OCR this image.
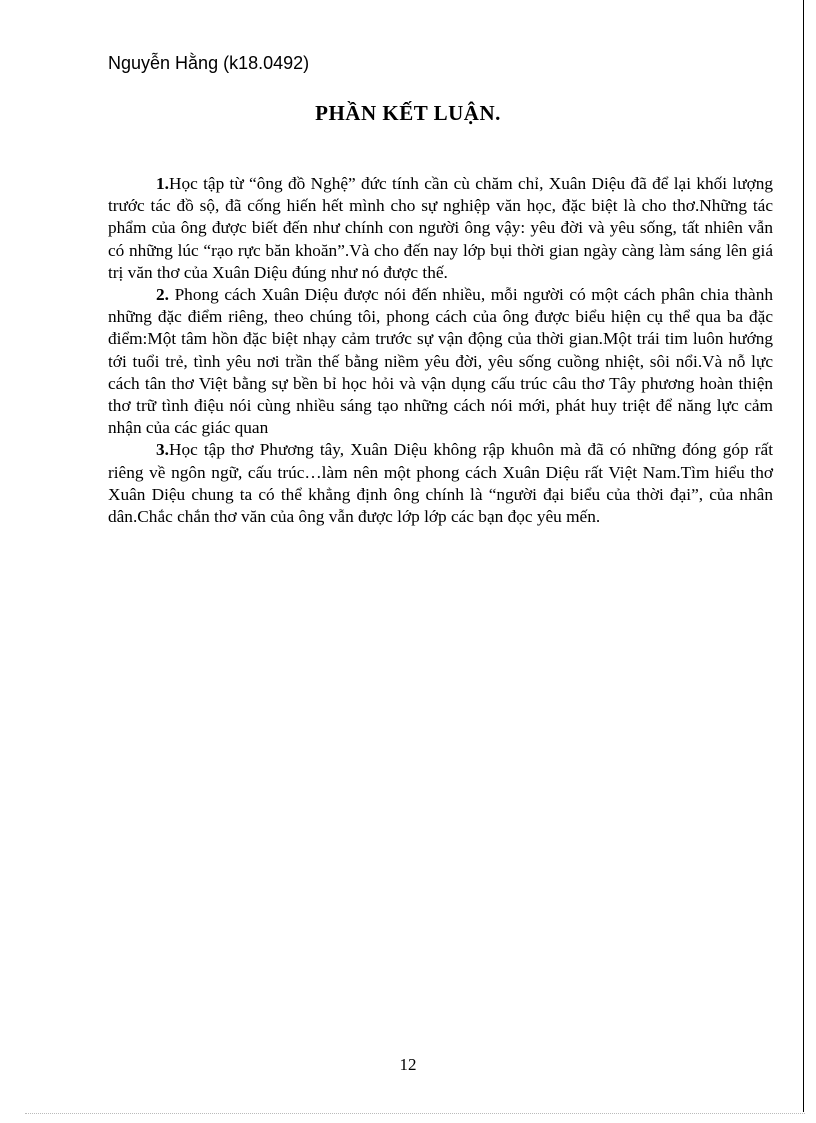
Nguyễn Hằng (k18.0492)
PHẦN KẾT LUẬN.

1.Học tập từ “ông đồ Nghệ” đức tính cần cù chăm chỉ, Xuân Diệu đã để lại khối lượng trước tác đồ sộ, đã cống hiến hết mình cho sự nghiệp văn học, đặc biệt là cho thơ.Những tác phẩm của ông được biết đến như chính con người ông vậy: yêu đời và yêu sống, tất nhiên vẫn có những lúc “rạo rực băn khoăn”.Và cho đến nay lớp bụi thời gian ngày càng làm sáng lên giá trị văn thơ của Xuân Diệu đúng như nó được thế.

2. Phong cách Xuân Diệu được nói đến nhiều, mỗi người có một cách phân chia thành những đặc điểm riêng, theo chúng tôi, phong cách của ông được biểu hiện cụ thể qua ba đặc điểm:Một tâm hồn đặc biệt nhạy cảm trước sự vận động của thời gian.Một trái tim luôn hướng tới tuổi trẻ, tình yêu nơi trần thế bằng niềm yêu đời, yêu sống cuồng nhiệt, sôi nổi.Và nỗ lực cách tân thơ Việt bằng sự bền bỉ học hỏi và vận dụng cấu trúc câu thơ Tây phương hoàn thiện thơ trữ tình điệu nói cùng nhiều sáng tạo những cách nói mới, phát huy triệt để năng lực cảm nhận của các giác quan

3.Học tập thơ Phương tây, Xuân Diệu không rập khuôn mà đã có những đóng góp rất riêng về ngôn ngữ, cấu trúc…làm nên một phong cách Xuân Diệu rất Việt Nam.Tìm hiểu thơ Xuân Diệu chung ta có thể khẳng định ông chính là “người đại biểu của thời đại”, của nhân dân.Chắc chắn thơ văn của ông vẫn được lớp lớp các bạn đọc yêu mến.

12
